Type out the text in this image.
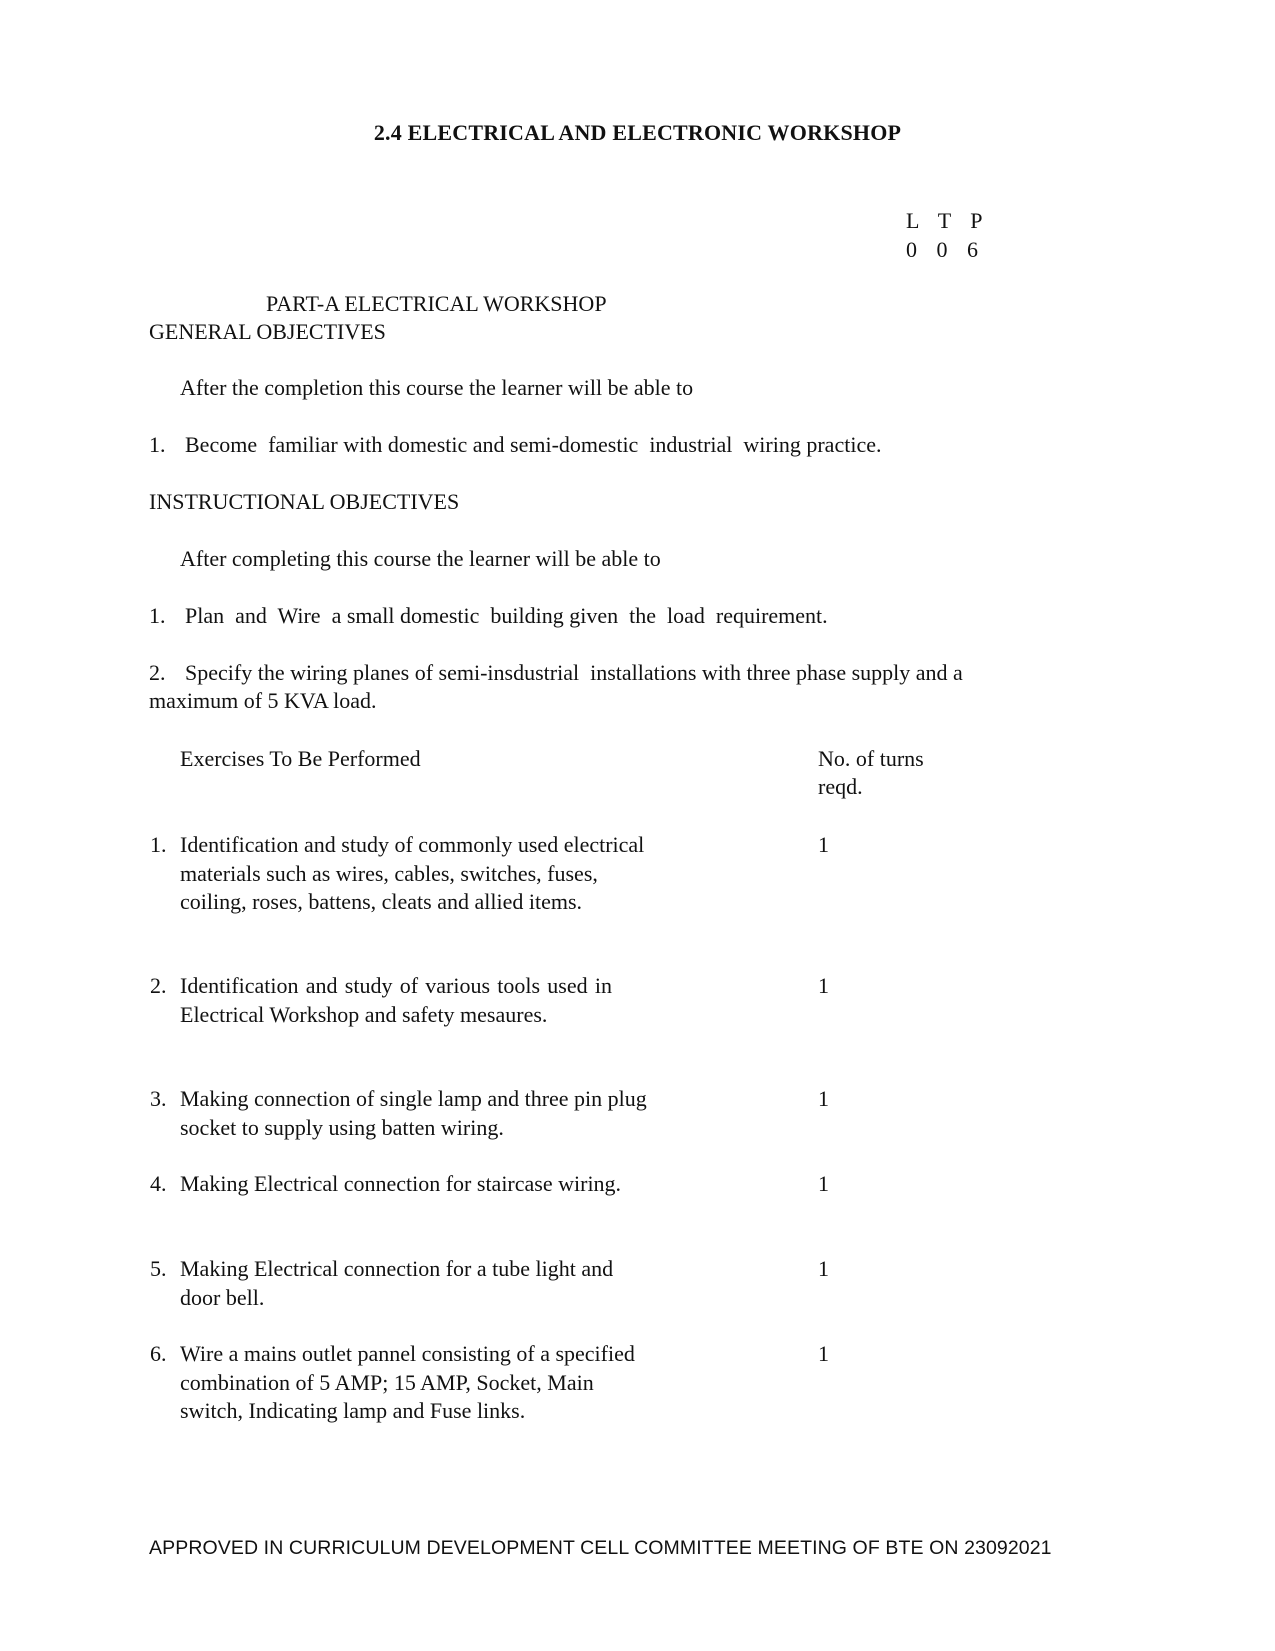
2.4 ELECTRICAL AND ELECTRONIC WORKSHOP
L T P
0 0 6
PART-A ELECTRICAL WORKSHOP
GENERAL OBJECTIVES
After the completion this course the learner will be able to
1. Become  familiar with domestic and semi-domestic  industrial  wiring practice.
INSTRUCTIONAL OBJECTIVES
After completing this course the learner will be able to
1. Plan  and  Wire  a small domestic  building given  the  load  requirement.
2. Specify the wiring planes of semi-insdustrial  installations with three phase supply and a
maximum of 5 KVA load.
Exercises To Be Performed	No. of turns
reqd.
1. Identification and study of commonly used electrical materials such as wires, cables, switches, fuses, coiling, roses, battens, cleats and allied items.
1
2. Identification and study of various tools used in Electrical Workshop and safety mesaures.
1
3. Making connection of single lamp and three pin plug socket to supply using batten wiring.
1
4. Making Electrical connection for staircase wiring.	1
5. Making Electrical connection for a tube light and door bell.
1
6. Wire a mains outlet pannel consisting of a specified combination of 5 AMP; 15 AMP, Socket, Main switch, Indicating lamp and Fuse links.
1
APPROVED IN CURRICULUM DEVELOPMENT CELL COMMITTEE MEETING OF BTE ON 23092021
